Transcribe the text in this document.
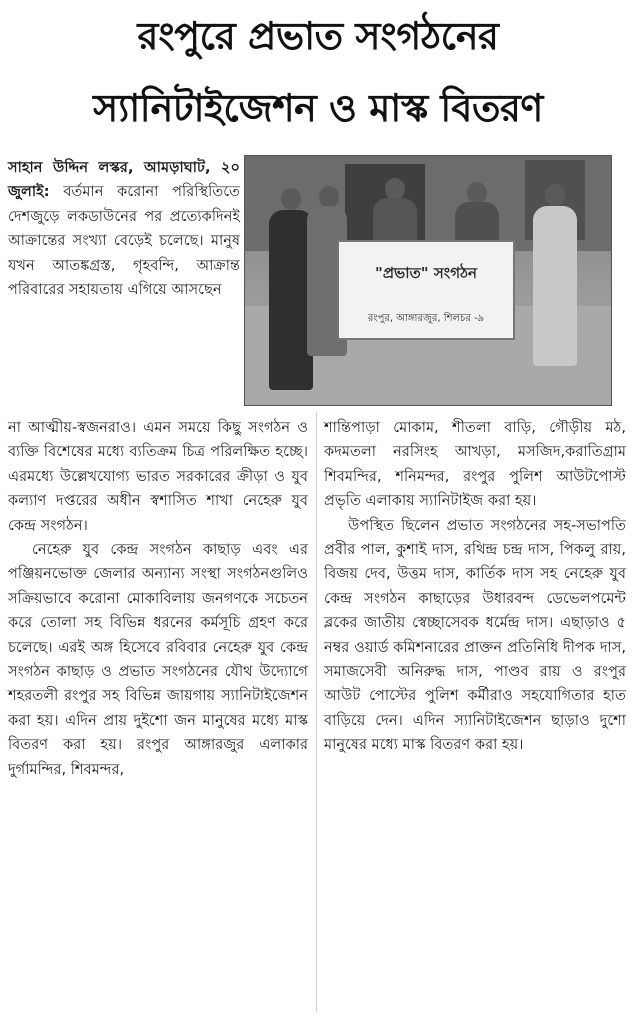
রংপুরে প্রভাত সংগঠনের
স্যানিটাইজেশন ও মাস্ক বিতরণ

সাহান উদ্দিন লস্কর, আমড়াঘাট, ২০ জুলাই: বর্তমান করোনা পরিস্থিতিতে দেশজুড়ে লকডাউনের পর প্রত্যেকদিনই আক্রান্তের সংখ্যা বেড়েই চলেছে। মানুষ যখন আতঙ্কগ্রস্ত, গৃহবন্দি, আক্রান্ত পরিবারের সহায়তায় এগিয়ে আসছেন

"প্রভাত" সংগঠন
রংপুর, আঙ্গারজুর, শিলচর -৯

না আত্মীয়-স্বজনরাও। এমন সময়ে কিছু সংগঠন ও ব্যক্তি বিশেষের মধ্যে ব্যতিক্রম চিত্র পরিলক্ষিত হচ্ছে। এরমধ্যে উল্লেখযোগ্য ভারত সরকারের ক্রীড়া ও যুব কল্যাণ দপ্তরের অধীন স্বশাসিত শাখা নেহেরু যুব কেন্দ্র সংগঠন।

নেহেরু যুব কেন্দ্র সংগঠন কাছাড় এবং এর পঞ্জিয়নভোক্ত জেলার অন্যান্য সংস্থা সংগঠনগুলিও সক্রিয়ভাবে করোনা মোকাবিলায় জনগণকে সচেতন করে তোলা সহ বিভিন্ন ধরনের কর্মসূচি গ্রহণ করে চলেছে। এরই অঙ্গ হিসেবে রবিবার নেহেরু যুব কেন্দ্র সংগঠন কাছাড় ও প্রভাত সংগঠনের যৌথ উদ্যোগে শহরতলী রংপুর সহ বিভিন্ন জায়গায় স্যানিটাইজেশন করা হয়। এদিন প্রায় দুইশো জন মানুষের মধ্যে মাস্ক বিতরণ করা হয়। রংপুর আঙ্গারজুর এলাকার দুর্গামন্দির, শিবমন্দর,

শান্তিপাড়া মোকাম, শীতলা বাড়ি, গৌড়ীয় মঠ, কদমতলা নরসিংহ আখড়া, মসজিদ,করাতিগ্রাম শিবমন্দির, শনিমন্দর, রংপুর পুলিশ আউটপোস্ট প্রভৃতি এলাকায় স্যানিটাইজ করা হয়।

উপস্থিত ছিলেন প্রভাত সংগঠনের সহ-সভাপতি প্রবীর পাল, কুশাই দাস, রথিন্দ্র চন্দ্র দাস, পিকলু রায়, বিজয় দেব, উত্তম দাস, কার্তিক দাস সহ নেহেরু যুব কেন্দ্র সংগঠন কাছাড়ের উধারবন্দ ডেভেলপমেন্ট ব্লকের জাতীয় স্বেচ্ছাসেবক ধর্মেন্দ্র দাস। এছাড়াও ৫ নম্বর ওয়ার্ড কমিশনারের প্রাক্তন প্রতিনিধি দীপক দাস, সমাজসেবী অনিরুদ্ধ দাস, পাণ্ডব রায় ও রংপুর আউট পোস্টের পুলিশ কর্মীরাও সহযোগিতার হাত বাড়িয়ে দেন। এদিন স্যানিটাইজেশন ছাড়াও দুশো মানুষের মধ্যে মাস্ক বিতরণ করা হয়।
